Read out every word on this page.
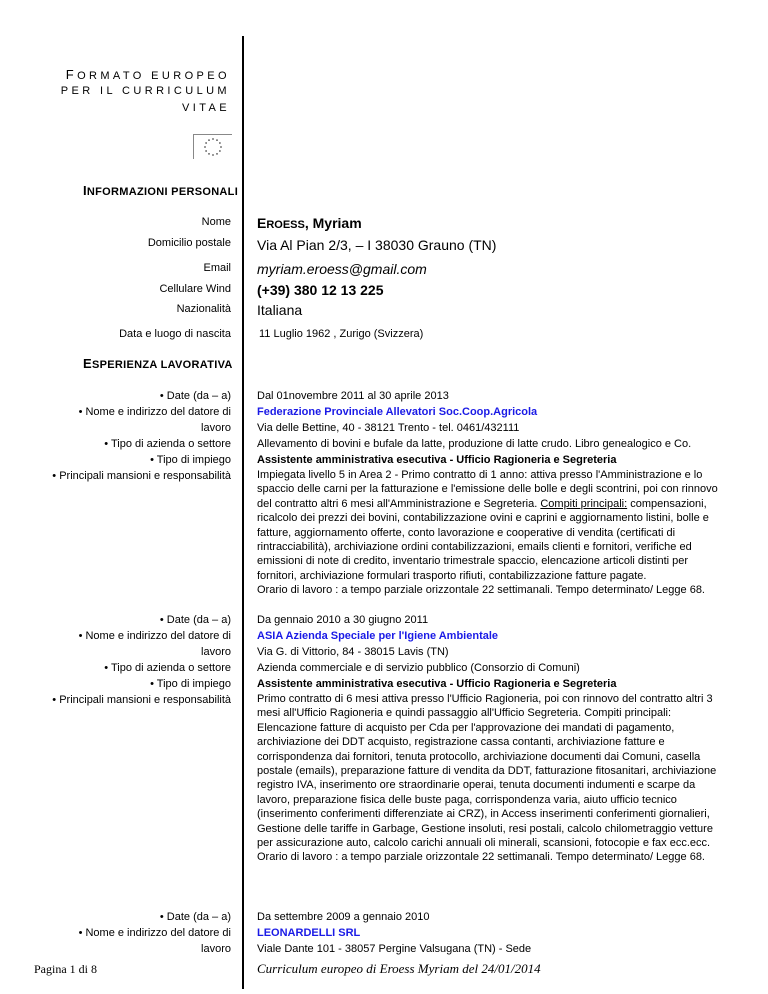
FORMATO EUROPEO
PER IL CURRICULUM
VITAE
INFORMAZIONI PERSONALI
Nome EROESS, Myriam
Domicilio postale Via Al Pian 2/3, – I 38030 Grauno (TN)
Email myriam.eroess@gmail.com
Cellulare Wind (+39) 380 12 13 225
Nazionalità Italiana
Data e luogo di nascita	11 Luglio 1962 , Zurigo (Svizzera)
ESPERIENZA LAVORATIVA
• Date (da – a)
• Nome e indirizzo del datore di
lavoro
• Tipo di azienda o settore
• Tipo di impiego
• Principali mansioni e responsabilità
Dal 01novembre 2011 al 30 aprile 2013
Federazione Provinciale Allevatori Soc.Coop.Agricola
Via delle Bettine, 40 - 38121 Trento - tel. 0461/432111
Allevamento di bovini e bufale da latte, produzione di latte crudo. Libro genealogico e Co.
Assistente amministrativa esecutiva - Ufficio Ragioneria e Segreteria
Impiegata livello 5 in Area 2 - Primo contratto di 1 anno: attiva presso l'Amministrazione e lo spaccio delle carni per la fatturazione e l'emissione delle bolle e degli scontrini, poi con rinnovo del contratto altri 6 mesi all'Amministrazione e Segreteria. Compiti principali: compensazioni, ricalcolo dei prezzi dei bovini, contabilizzazione ovini e caprini e aggiornamento listini, bolle e fatture, aggiornamento offerte, conto lavorazione e cooperative di vendita (certificati di rintracciabilità), archiviazione ordini contabilizzazioni, emails clienti e fornitori, verifiche ed emissioni di note di credito, inventario trimestrale spaccio, elencazione articoli distinti per fornitori, archiviazione formulari trasporto rifiuti, contabilizzazione fatture pagate.
Orario di lavoro : a tempo parziale orizzontale 22 settimanali. Tempo determinato/ Legge 68.
• Date (da – a)
• Nome e indirizzo del datore di
lavoro
• Tipo di azienda o settore
• Tipo di impiego
• Principali mansioni e responsabilità
Da gennaio 2010 a 30 giugno 2011
ASIA Azienda Speciale per l'Igiene Ambientale
Via G. di Vittorio, 84 - 38015 Lavis (TN)
Azienda commerciale e di servizio pubblico (Consorzio di Comuni)
Assistente amministrativa esecutiva - Ufficio Ragioneria e Segreteria
Primo contratto di 6 mesi attiva presso l'Ufficio Ragioneria, poi con rinnovo del contratto altri 3 mesi all'Ufficio Ragioneria e quindi passaggio all'Ufficio Segreteria. Compiti principali: Elencazione fatture di acquisto per Cda per l'approvazione dei mandati di pagamento, archiviazione dei DDT acquisto, registrazione cassa contanti, archiviazione fatture e corrispondenza dai fornitori, tenuta protocollo, archiviazione documenti dai Comuni, casella postale (emails), preparazione fatture di vendita da DDT, fatturazione fitosanitari, archiviazione registro IVA, inserimento ore straordinarie operai, tenuta documenti indumenti e scarpe da lavoro, preparazione fisica delle buste paga, corrispondenza varia, aiuto ufficio tecnico (inserimento conferimenti differenziate ai CRZ), in Access inserimenti conferimenti giornalieri, Gestione delle tariffe in Garbage, Gestione insoluti, resi postali, calcolo chilometraggio vetture per assicurazione auto, calcolo carichi annuali oli minerali, scansioni, fotocopie e fax ecc.ecc.
Orario di lavoro : a tempo parziale orizzontale 22 settimanali. Tempo determinato/ Legge 68.
• Date (da – a)
• Nome e indirizzo del datore di
lavoro
Da settembre 2009 a gennaio 2010
LEONARDELLI SRL
Viale Dante 101 - 38057 Pergine Valsugana (TN) - Sede
Pagina 1 di 8	Curriculum europeo di Eroess Myriam del 24/01/2014
